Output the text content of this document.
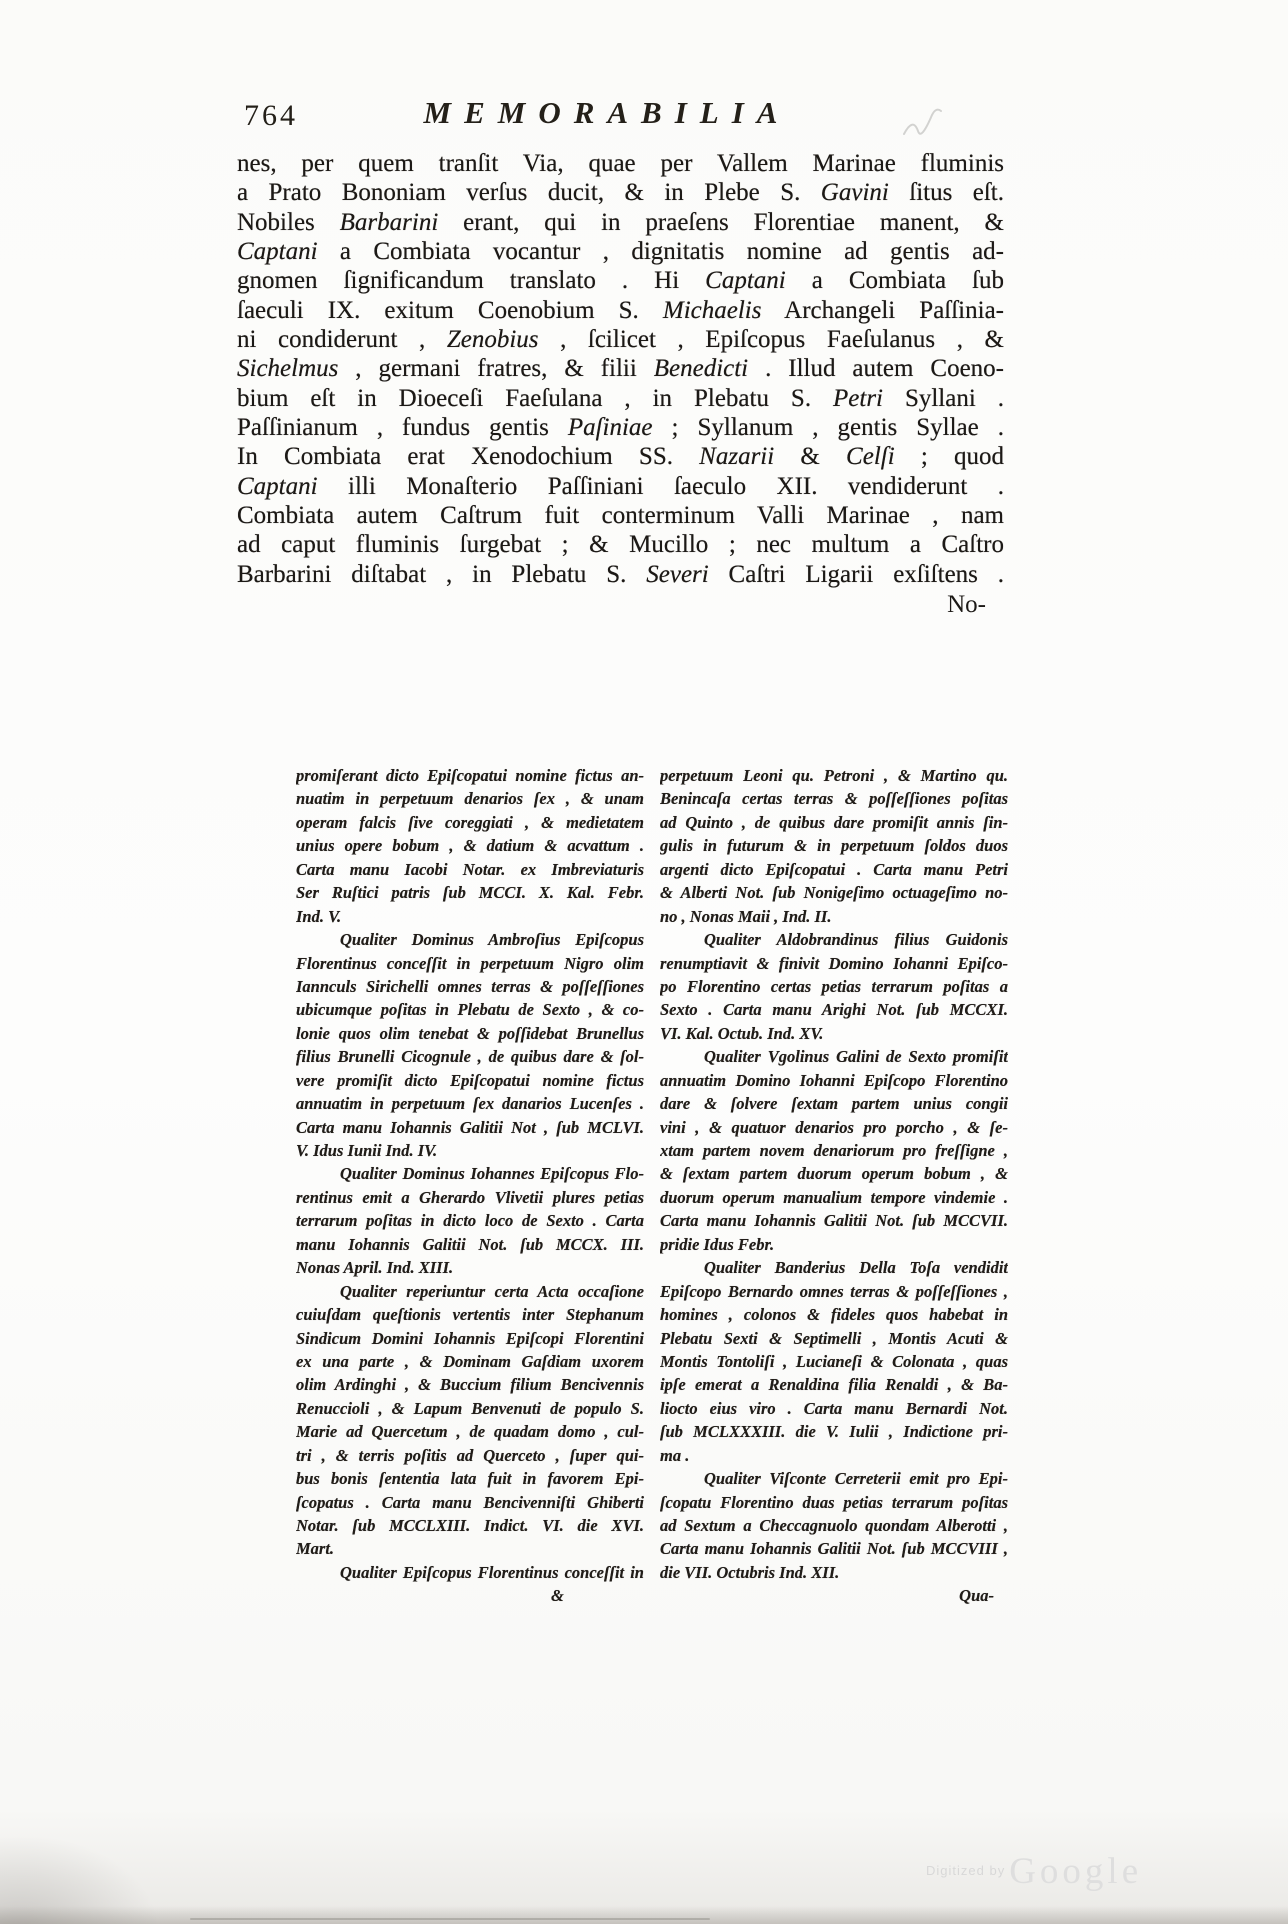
764	MEMORABILIA
nes, per quem tranſit Via, quae per Vallem Marinae fluminis
a Prato Bononiam verſus ducit, & in Plebe S. Gavini ſitus eſt.
Nobiles Barbarini erant, qui in praeſens Florentiae manent, &
Captani a Combiata vocantur , dignitatis nomine ad gentis ad-
gnomen ſignificandum translato . Hi Captani a Combiata ſub
ſaeculi IX. exitum Coenobium S. Michaelis Archangeli Paſſinia-
ni condiderunt , Zenobius , ſcilicet , Epiſcopus Faeſulanus , &
Sichelmus , germani fratres, & filii Benedicti . Illud autem Coeno-
bium eſt in Dioeceſi Faeſulana , in Plebatu S. Petri Syllani .
Paſſinianum , fundus gentis Paſiniae ; Syllanum , gentis Syllae .
In Combiata erat Xenodochium SS. Nazarii & Celſi ; quod
Captani illi Monaſterio Paſſiniani ſaeculo XII. vendiderunt .
Combiata autem Caſtrum fuit conterminum Valli Marinae , nam
ad caput fluminis ſurgebat ; & Mucillo ; nec multum a Caſtro
Barbarini diſtabat , in Plebatu S. Severi Caſtri Ligarii exſiſtens .
No-
promiſerant dicto Epiſcopatui nomine fictus an-
nuatim in perpetuum denarios ſex , & unam
operam falcis ſive coreggiati , & medietatem
unius opere bobum , & datium & acvattum .
Carta manu Iacobi Notar. ex Imbreviaturis
Ser Ruſtici patris ſub MCCI. X. Kal. Febr.
Ind. V.
Qualiter Dominus Ambroſius Epiſcopus
Florentinus conceſſit in perpetuum Nigro olim
Iannculs Sirichelli omnes terras & poſſeſſiones
ubicumque poſitas in Plebatu de Sexto , & co-
lonie quos olim tenebat & poſſidebat Brunellus
filius Brunelli Cicognule , de quibus dare & ſol-
vere promiſit dicto Epiſcopatui nomine fictus
annuatim in perpetuum ſex danarios Lucenſes .
Carta manu Iohannis Galitii Not , ſub MCLVI.
V. Idus Iunii Ind. IV.
Qualiter Dominus Iohannes Epiſcopus Flo-
rentinus emit a Gherardo Vlivetii plures petias
terrarum poſitas in dicto loco de Sexto . Carta
manu Iohannis Galitii Not. ſub MCCX. III.
Nonas April. Ind. XIII.
Qualiter reperiuntur certa Acta occaſione
cuiuſdam queſtionis vertentis inter Stephanum
Sindicum Domini Iohannis Epiſcopi Florentini
ex una parte , & Dominam Gaſdiam uxorem
olim Ardinghi , & Buccium filium Bencivennis
Renuccioli , & Lapum Benvenuti de populo S.
Marie ad Quercetum , de quadam domo , cul-
tri , & terris poſitis ad Querceto , ſuper qui-
bus bonis ſententia lata fuit in favorem Epi-
ſcopatus . Carta manu Bencivenniſti Ghiberti
Notar. ſub MCCLXIII. Indict. VI. die XVI.
Mart.
Qualiter Epiſcopus Florentinus conceſſit in
&
perpetuum Leoni qu. Petroni , & Martino qu.
Benincaſa certas terras & poſſeſſiones poſitas
ad Quinto , de quibus dare promiſit annis ſin-
gulis in futurum & in perpetuum ſoldos duos
argenti dicto Epiſcopatui . Carta manu Petri
& Alberti Not. ſub Nonigeſimo octuageſimo no-
no , Nonas Maii , Ind. II.
Qualiter Aldobrandinus filius Guidonis
renumptiavit & finivit Domino Iohanni Epiſco-
po Florentino certas petias terrarum poſitas a
Sexto . Carta manu Arighi Not. ſub MCCXI.
VI. Kal. Octub. Ind. XV.
Qualiter Vgolinus Galini de Sexto promiſit
annuatim Domino Iohanni Epiſcopo Florentino
dare & ſolvere ſextam partem unius congii
vini , & quatuor denarios pro porcho , & ſe-
xtam partem novem denariorum pro freſſigne ,
& ſextam partem duorum operum bobum , &
duorum operum manualium tempore vindemie .
Carta manu Iohannis Galitii Not. ſub MCCVII.
pridie Idus Febr.
Qualiter Banderius Della Toſa vendidit
Epiſcopo Bernardo omnes terras & poſſeſſiones ,
homines , colonos & fideles quos habebat in
Plebatu Sexti & Septimelli , Montis Acuti &
Montis Tontoliſi , Lucianeſi & Colonata , quas
ipſe emerat a Renaldina filia Renaldi , & Ba-
liocto eius viro . Carta manu Bernardi Not.
ſub MCLXXXIII. die V. Iulii , Indictione pri-
ma .
Qualiter Viſconte Cerreterii emit pro Epi-
ſcopatu Florentino duas petias terrarum poſitas
ad Sextum a Checcagnuolo quondam Alberotti ,
Carta manu Iohannis Galitii Not. ſub MCCVIII ,
die VII. Octubris Ind. XII.
Qua-
$^{Digitized by}$ Google
